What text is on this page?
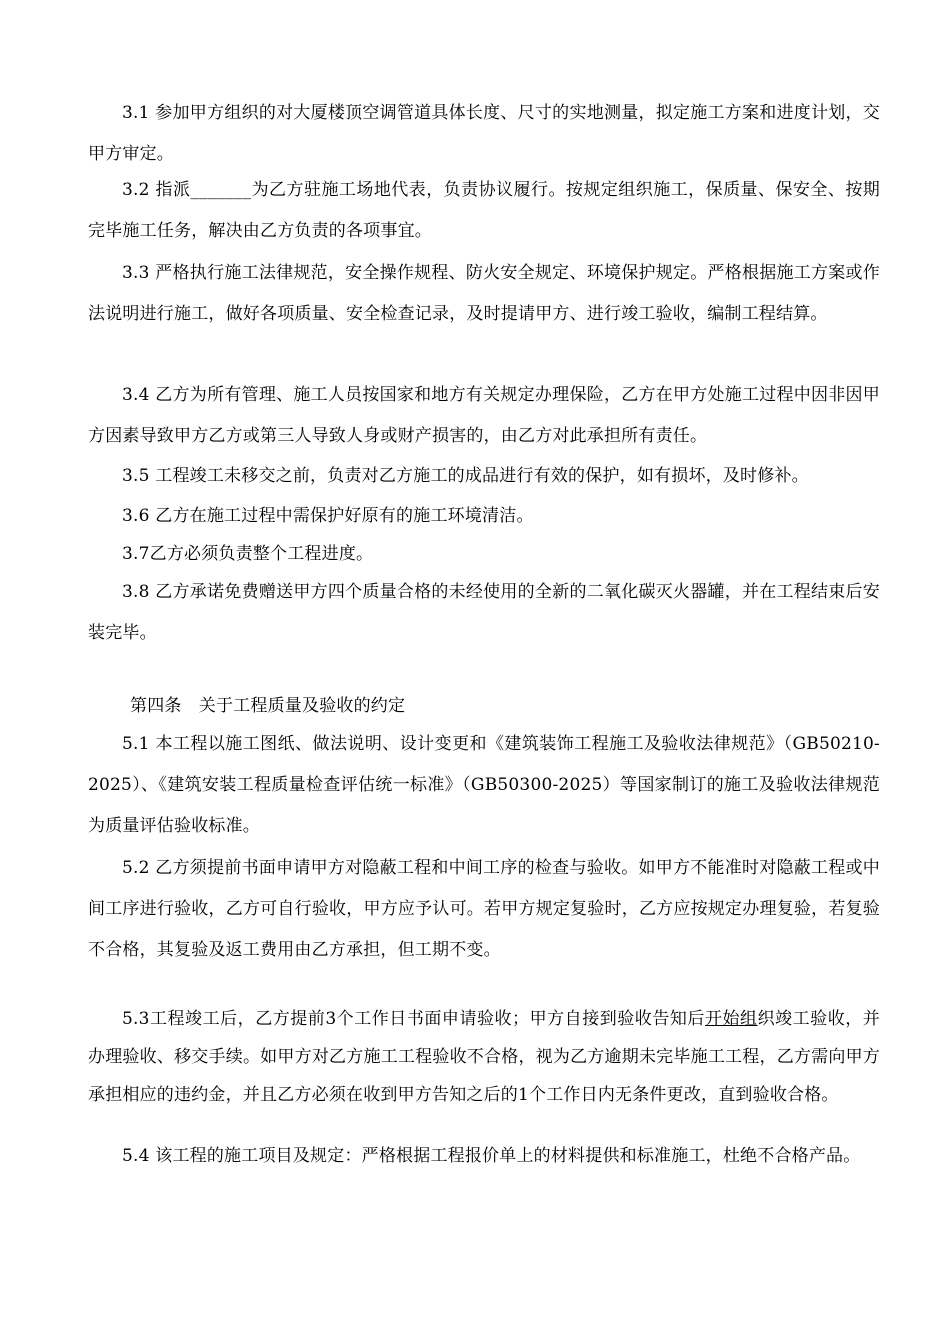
3.1 参加甲方组织的对大厦楼顶空调管道具体长度、尺寸的实地测量，拟定施工方案和进度计划，交甲方审定。

3.2 指派_______为乙方驻施工场地代表，负责协议履行。按规定组织施工，保质量、保安全、按期完毕施工任务，解决由乙方负责的各项事宜。

3.3 严格执行施工法律规范，安全操作规程、防火安全规定、环境保护规定。严格根据施工方案或作法说明进行施工，做好各项质量、安全检查记录，及时提请甲方、进行竣工验收，编制工程结算。

3.4 乙方为所有管理、施工人员按国家和地方有关规定办理保险，乙方在甲方处施工过程中因非因甲方因素导致甲方乙方或第三人导致人身或财产损害的，由乙方对此承担所有责任。

3.5 工程竣工未移交之前，负责对乙方施工的成品进行有效的保护，如有损坏，及时修补。

3.6 乙方在施工过程中需保护好原有的施工环境清洁。

3.7乙方必须负责整个工程进度。

3.8 乙方承诺免费赠送甲方四个质量合格的未经使用的全新的二氧化碳灭火器罐，并在工程结束后安装完毕。

第四条　关于工程质量及验收的约定

5.1 本工程以施工图纸、做法说明、设计变更和《建筑装饰工程施工及验收法律规范》（GB50210-2025）、《建筑安装工程质量检查评估统一标准》（GB50300-2025）等国家制订的施工及验收法律规范为质量评估验收标准。

5.2 乙方须提前书面申请甲方对隐蔽工程和中间工序的检查与验收。如甲方不能准时对隐蔽工程或中间工序进行验收，乙方可自行验收，甲方应予认可。若甲方规定复验时，乙方应按规定办理复验，若复验不合格，其复验及返工费用由乙方承担，但工期不变。

5.3工程竣工后，乙方提前3个工作日书面申请验收；甲方自接到验收告知后开始组织竣工验收，并办理验收、移交手续。如甲方对乙方施工工程验收不合格，视为乙方逾期未完毕施工工程，乙方需向甲方承担相应的违约金，并且乙方必须在收到甲方告知之后的1个工作日内无条件更改，直到验收合格。

5.4 该工程的施工项目及规定：严格根据工程报价单上的材料提供和标准施工，杜绝不合格产品。
